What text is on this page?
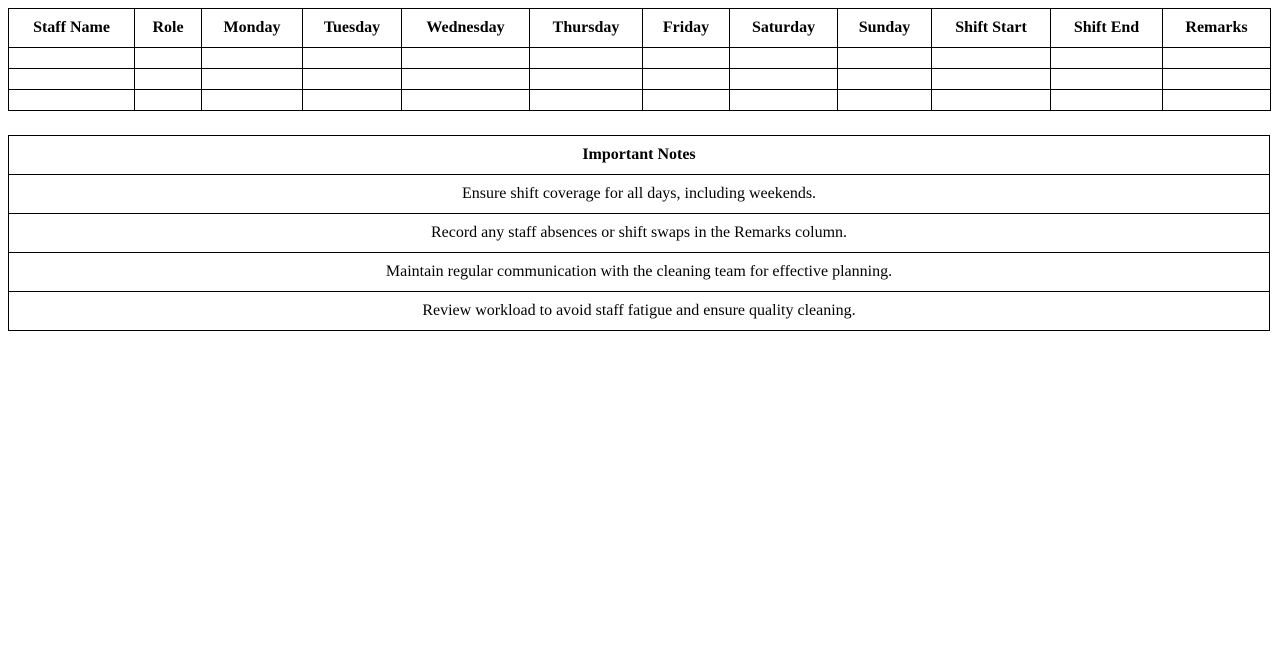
Staff Name	Role	Monday	Tuesday	Wednesday	Thursday	Friday	Saturday	Sunday	Shift Start	Shift End	Remarks

Important Notes
Ensure shift coverage for all days, including weekends.
Record any staff absences or shift swaps in the Remarks column.
Maintain regular communication with the cleaning team for effective planning.
Review workload to avoid staff fatigue and ensure quality cleaning.
